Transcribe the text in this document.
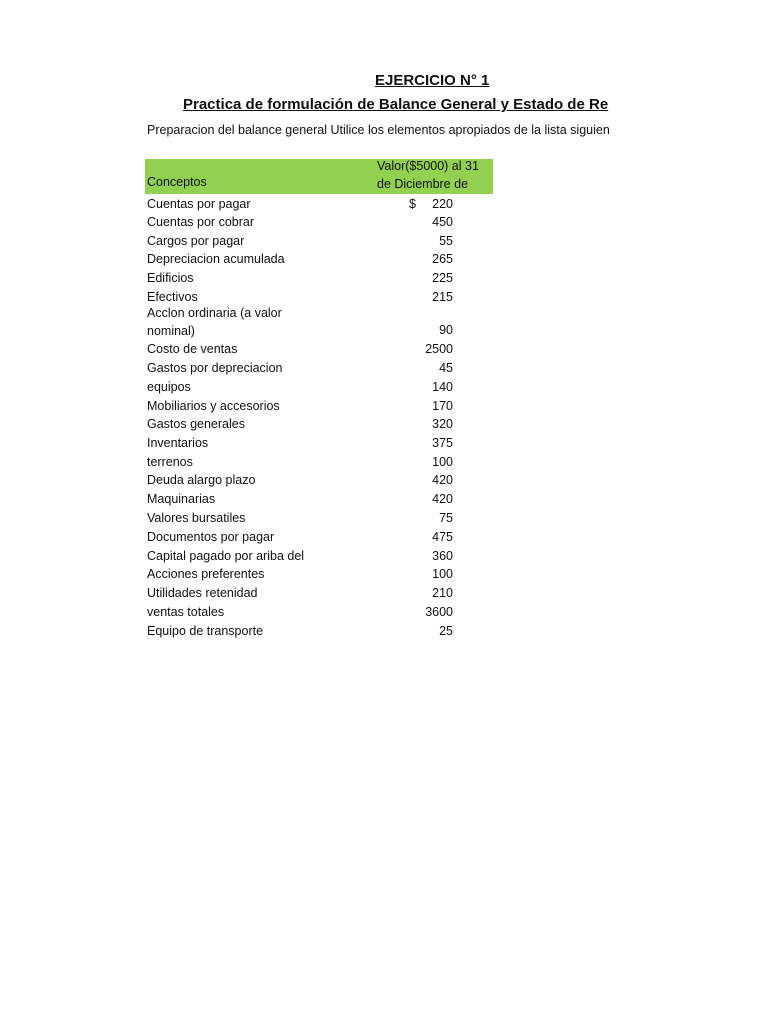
EJERCICIO N° 1
Practica de formulación de Balance General y Estado de Re
Preparacion del balance general Utilice los elementos apropiados de la lista siguien
Conceptos
Valor($5000) al 31
de Diciembre de
Cuentas por pagar	$	220
Cuentas por cobrar	450
Cargos por pagar	55
Depreciacion acumulada	265
Edificios	225
Efectivos	215
Acclon ordinaria (a valor
nominal)	90
Costo de ventas	2500
Gastos por depreciacion	45
equipos	140
Mobiliarios y accesorios	170
Gastos generales	320
Inventarios	375
terrenos	100
Deuda alargo plazo	420
Maquinarias	420
Valores bursatiles	75
Documentos por pagar	475
Capital pagado por ariba del	360
Acciones preferentes	100
Utilidades retenidad	210
ventas totales	3600
Equipo de transporte	25
